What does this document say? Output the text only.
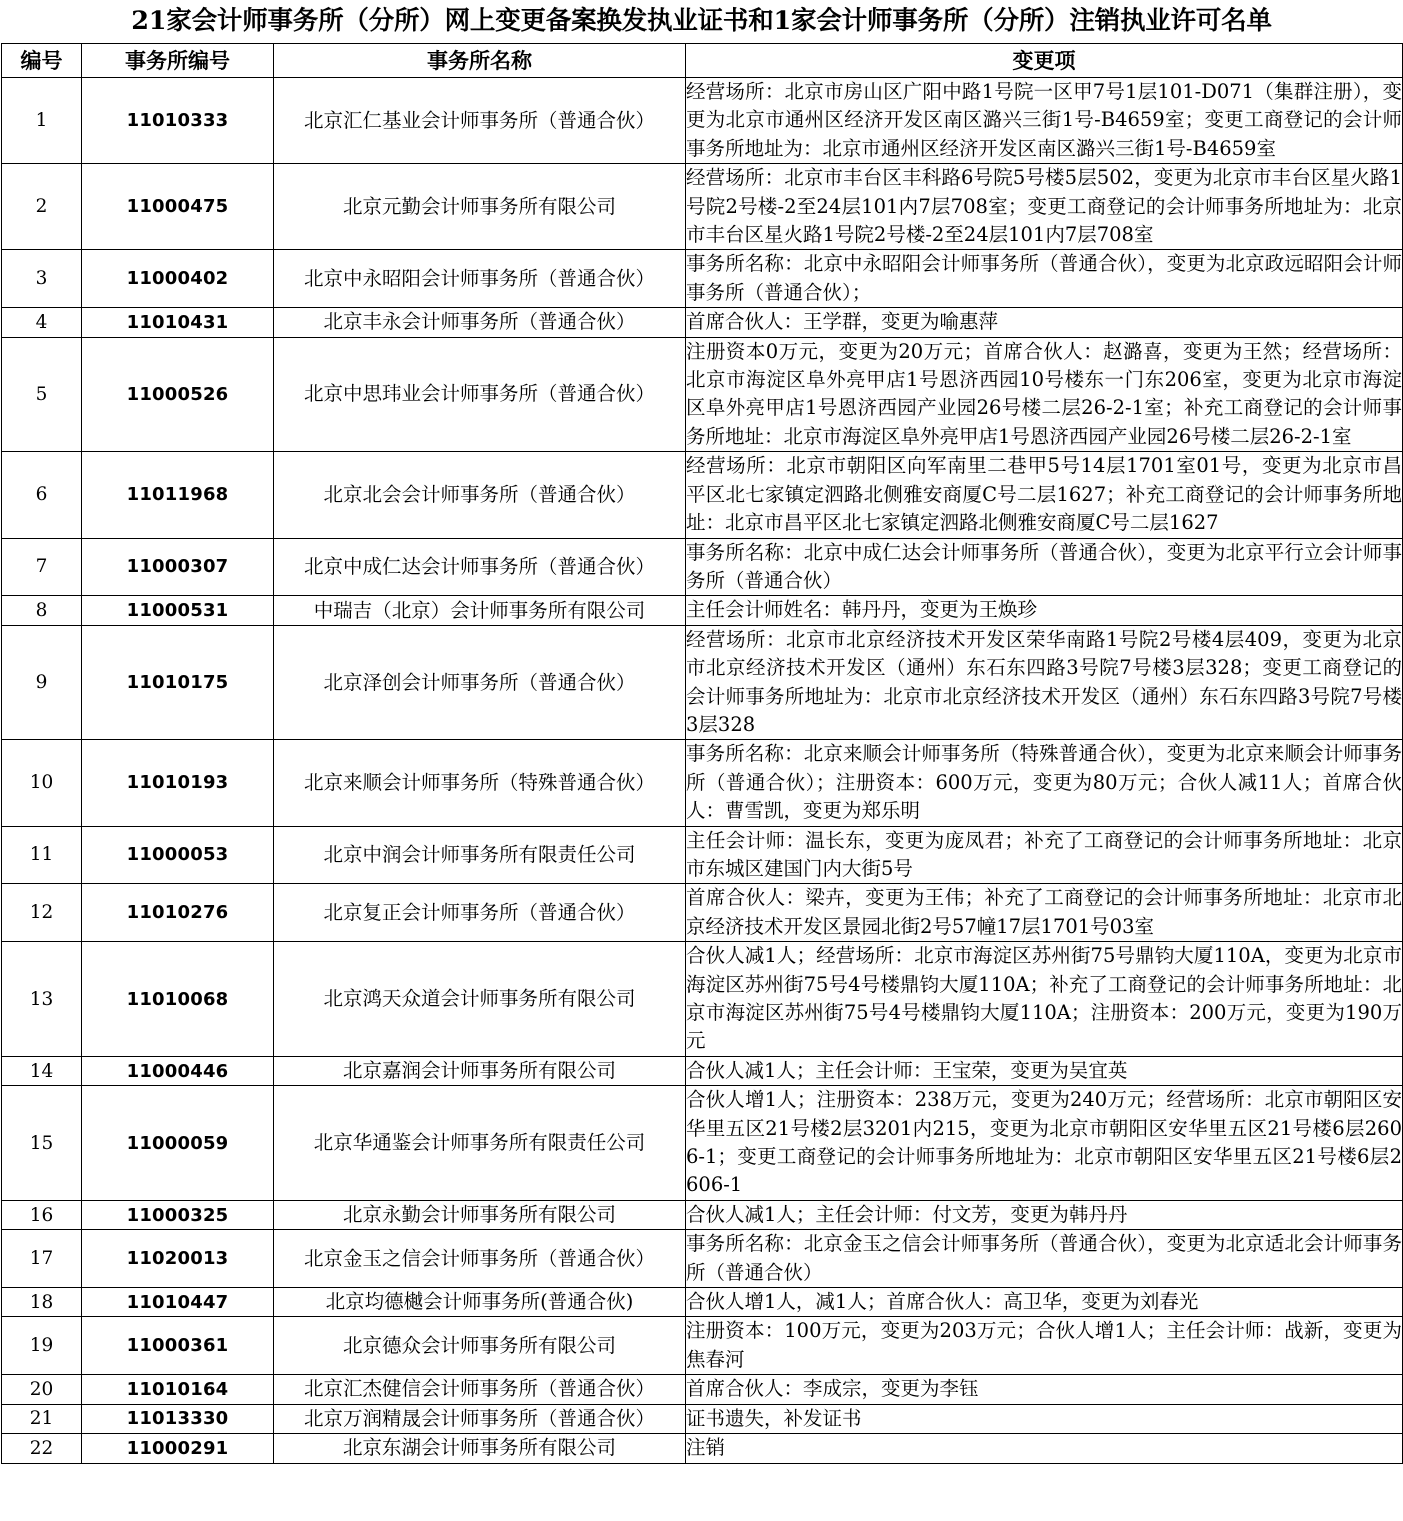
21家会计师事务所（分所）网上变更备案换发执业证书和1家会计师事务所（分所）注销执业许可名单
编号	事务所编号	事务所名称	变更项
1	11010333	北京汇仁基业会计师事务所（普通合伙）	经营场所：北京市房山区广阳中路1号院一区甲7号1层101-D071（集群注册），变更为北京市通州区经济开发区南区潞兴三街1号-B4659室；变更工商登记的会计师事务所地址为：北京市通州区经济开发区南区潞兴三街1号-B4659室
2	11000475	北京元勤会计师事务所有限公司	经营场所：北京市丰台区丰科路6号院5号楼5层502，变更为北京市丰台区星火路1号院2号楼-2至24层101内7层708室；变更工商登记的会计师事务所地址为：北京市丰台区星火路1号院2号楼-2至24层101内7层708室
3	11000402	北京中永昭阳会计师事务所（普通合伙）	事务所名称：北京中永昭阳会计师事务所（普通合伙），变更为北京政远昭阳会计师事务所（普通合伙）；
4	11010431	北京丰永会计师事务所（普通合伙）	首席合伙人：王学群，变更为喻惠萍
5	11000526	北京中思玮业会计师事务所（普通合伙）	注册资本0万元，变更为20万元；首席合伙人：赵潞喜，变更为王然；经营场所：北京市海淀区阜外亮甲店1号恩济西园10号楼东一门东206室，变更为北京市海淀区阜外亮甲店1号恩济西园产业园26号楼二层26-2-1室；补充工商登记的会计师事务所地址：北京市海淀区阜外亮甲店1号恩济西园产业园26号楼二层26-2-1室
6	11011968	北京北会会计师事务所（普通合伙）	经营场所：北京市朝阳区向军南里二巷甲5号14层1701室01号，变更为北京市昌平区北七家镇定泗路北侧雅安商厦C号二层1627；补充工商登记的会计师事务所地址：北京市昌平区北七家镇定泗路北侧雅安商厦C号二层1627
7	11000307	北京中成仁达会计师事务所（普通合伙）	事务所名称：北京中成仁达会计师事务所（普通合伙），变更为北京平行立会计师事务所（普通合伙）
8	11000531	中瑞吉（北京）会计师事务所有限公司	主任会计师姓名：韩丹丹，变更为王焕珍
9	11010175	北京泽创会计师事务所（普通合伙）	经营场所：北京市北京经济技术开发区荣华南路1号院2号楼4层409，变更为北京市北京经济技术开发区（通州）东石东四路3号院7号楼3层328；变更工商登记的会计师事务所地址为：北京市北京经济技术开发区（通州）东石东四路3号院7号楼3层328
10	11010193	北京来顺会计师事务所（特殊普通合伙）	事务所名称：北京来顺会计师事务所（特殊普通合伙），变更为北京来顺会计师事务所（普通合伙）；注册资本：600万元，变更为80万元；合伙人减11人；首席合伙人：曹雪凯，变更为郑乐明
11	11000053	北京中润会计师事务所有限责任公司	主任会计师：温长东，变更为庞凤君；补充了工商登记的会计师事务所地址：北京市东城区建国门内大街5号
12	11010276	北京复正会计师事务所（普通合伙）	首席合伙人：梁卉，变更为王伟；补充了工商登记的会计师事务所地址：北京市北京经济技术开发区景园北街2号57幢17层1701号03室
13	11010068	北京鸿天众道会计师事务所有限公司	合伙人减1人；经营场所：北京市海淀区苏州街75号鼎钧大厦110A，变更为北京市海淀区苏州街75号4号楼鼎钧大厦110A；补充了工商登记的会计师事务所地址：北京市海淀区苏州街75号4号楼鼎钧大厦110A；注册资本：200万元，变更为190万元
14	11000446	北京嘉润会计师事务所有限公司	合伙人减1人；主任会计师：王宝荣，变更为吴宜英
15	11000059	北京华通鉴会计师事务所有限责任公司	合伙人增1人；注册资本：238万元，变更为240万元；经营场所：北京市朝阳区安华里五区21号楼2层3201内215，变更为北京市朝阳区安华里五区21号楼6层2606-1；变更工商登记的会计师事务所地址为：北京市朝阳区安华里五区21号楼6层2606-1
16	11000325	北京永勤会计师事务所有限公司	合伙人减1人；主任会计师：付文芳，变更为韩丹丹
17	11020013	北京金玉之信会计师事务所（普通合伙）	事务所名称：北京金玉之信会计师事务所（普通合伙），变更为北京适北会计师事务所（普通合伙）
18	11010447	北京均德樾会计师事务所(普通合伙)	合伙人增1人，减1人；首席合伙人：高卫华，变更为刘春光
19	11000361	北京德众会计师事务所有限公司	注册资本：100万元，变更为203万元；合伙人增1人；主任会计师：战新，变更为焦春河
20	11010164	北京汇杰健信会计师事务所（普通合伙）	首席合伙人：李成宗，变更为李钰
21	11013330	北京万润精晟会计师事务所（普通合伙）	证书遗失，补发证书
22	11000291	北京东湖会计师事务所有限公司	注销
